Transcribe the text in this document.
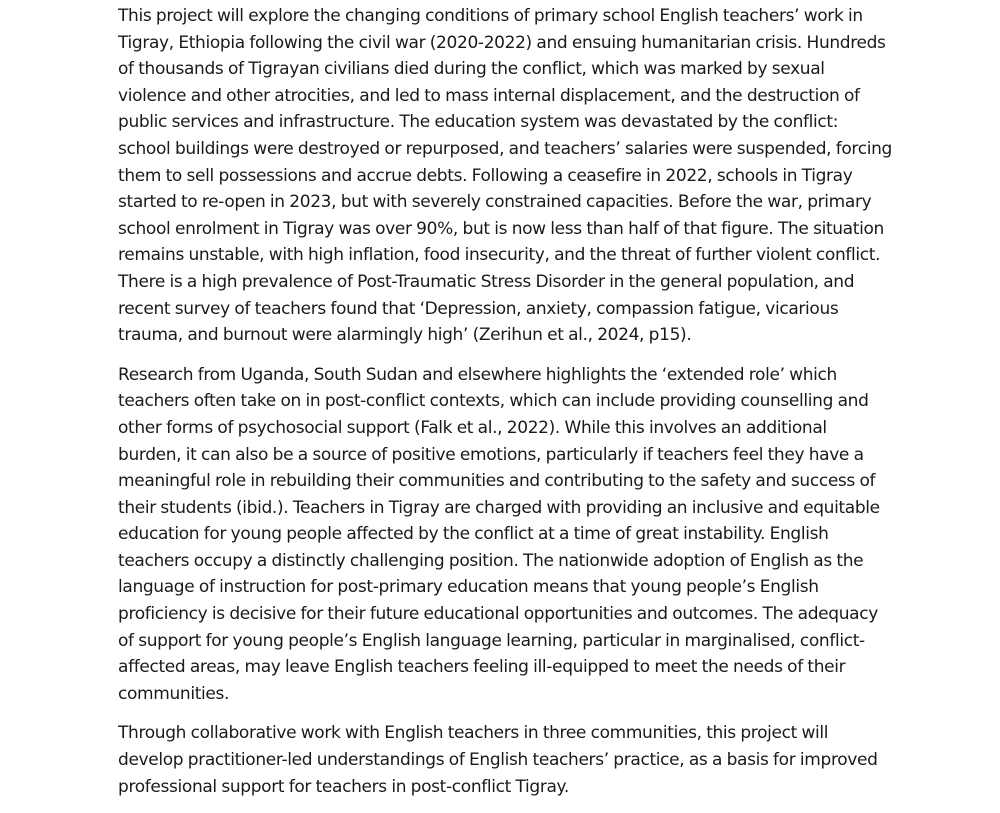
This project will explore the changing conditions of primary school English teachers’ work in Tigray, Ethiopia following the civil war (2020-2022) and ensuing humanitarian crisis. Hundreds of thousands of Tigrayan civilians died during the conflict, which was marked by sexual violence and other atrocities, and led to mass internal displacement, and the destruction of public services and infrastructure. The education system was devastated by the conflict: school buildings were destroyed or repurposed, and teachers’ salaries were suspended, forcing them to sell possessions and accrue debts. Following a ceasefire in 2022, schools in Tigray started to re-open in 2023, but with severely constrained capacities. Before the war, primary school enrolment in Tigray was over 90%, but is now less than half of that figure. The situation remains unstable, with high inflation, food insecurity, and the threat of further violent conflict. There is a high prevalence of Post-Traumatic Stress Disorder in the general population, and recent survey of teachers found that ‘Depression, anxiety, compassion fatigue, vicarious trauma, and burnout were alarmingly high’ (Zerihun et al., 2024, p15).

Research from Uganda, South Sudan and elsewhere highlights the ‘extended role’ which teachers often take on in post-conflict contexts, which can include providing counselling and other forms of psychosocial support (Falk et al., 2022). While this involves an additional burden, it can also be a source of positive emotions, particularly if teachers feel they have a meaningful role in rebuilding their communities and contributing to the safety and success of their students (ibid.). Teachers in Tigray are charged with providing an inclusive and equitable education for young people affected by the conflict at a time of great instability. English teachers occupy a distinctly challenging position. The nationwide adoption of English as the language of instruction for post-primary education means that young people’s English proficiency is decisive for their future educational opportunities and outcomes. The adequacy of support for young people’s English language learning, particular in marginalised, conflict-affected areas, may leave English teachers feeling ill-equipped to meet the needs of their communities.

Through collaborative work with English teachers in three communities, this project will develop practitioner-led understandings of English teachers’ practice, as a basis for improved professional support for teachers in post-conflict Tigray.
